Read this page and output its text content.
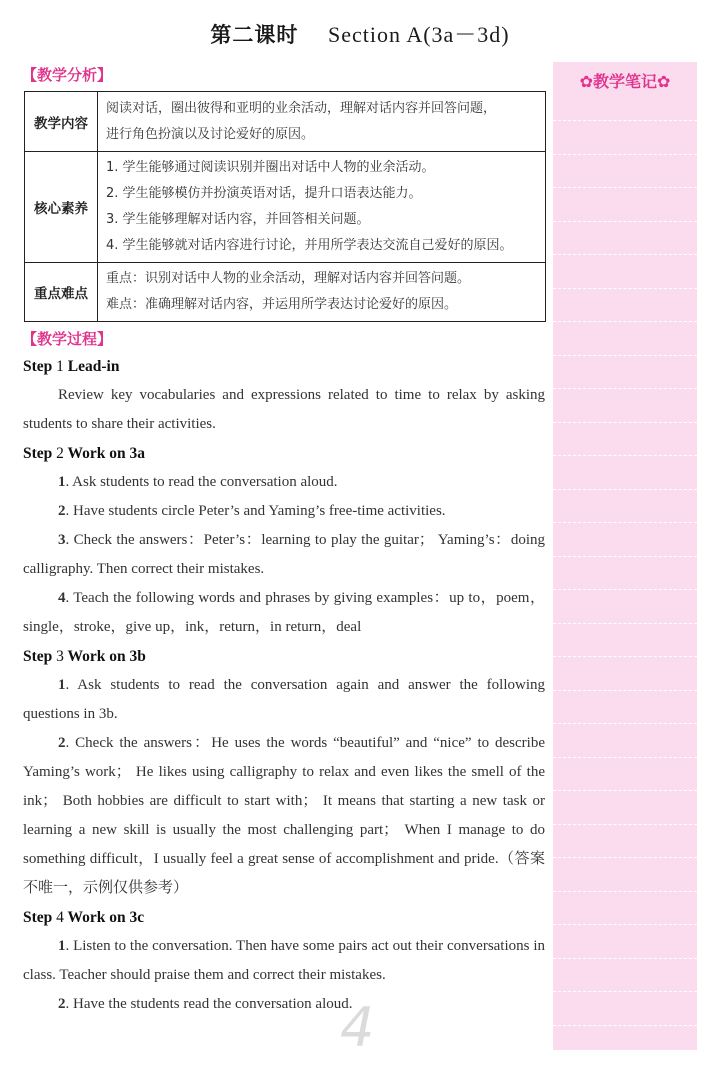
第二课时 Section A(3a－3d)
【教学分析】
教学内容	阅读对话，圈出彼得和亚明的业余活动，理解对话内容并回答问题，
进行角色扮演以及讨论爱好的原因。

核心素养	1. 学生能够通过阅读识别并圈出对话中人物的业余活动。
2. 学生能够模仿并扮演英语对话，提升口语表达能力。
3. 学生能够理解对话内容，并回答相关问题。
4. 学生能够就对话内容进行讨论，并用所学表达交流自己爱好的原因。

重点难点	重点：识别对话中人物的业余活动，理解对话内容并回答问题。
难点：准确理解对话内容，并运用所学表达讨论爱好的原因。
【教学过程】
Step 1 Lead-in
Review key vocabularies and expressions related to time to relax by asking students to share their activities.
Step 2 Work on 3a
1. Ask students to read the conversation aloud.
2. Have students circle Peter’s and Yaming’s free-time activities.
3. Check the answers：Peter’s：learning to play the guitar； Yaming’s：doing calligraphy. Then correct their mistakes.
4. Teach the following words and phrases by giving examples：up to，poem，single，stroke，give up，ink，return，in return，deal
Step 3 Work on 3b
1. Ask students to read the conversation again and answer the following questions in 3b.
2. Check the answers：He uses the words “beautiful” and “nice” to describe Yaming’s work； He likes using calligraphy to relax and even likes the smell of the ink； Both hobbies are difficult to start with； It means that starting a new task or learning a new skill is usually the most challenging part； When I manage to do something difficult，I usually feel a great sense of accomplishment and pride.（答案不唯一，示例仅供参考）
Step 4 Work on 3c
1. Listen to the conversation. Then have some pairs act out their conversations in class. Teacher should praise them and correct their mistakes.
2. Have the students read the conversation aloud.
✿教学笔记✿
4
